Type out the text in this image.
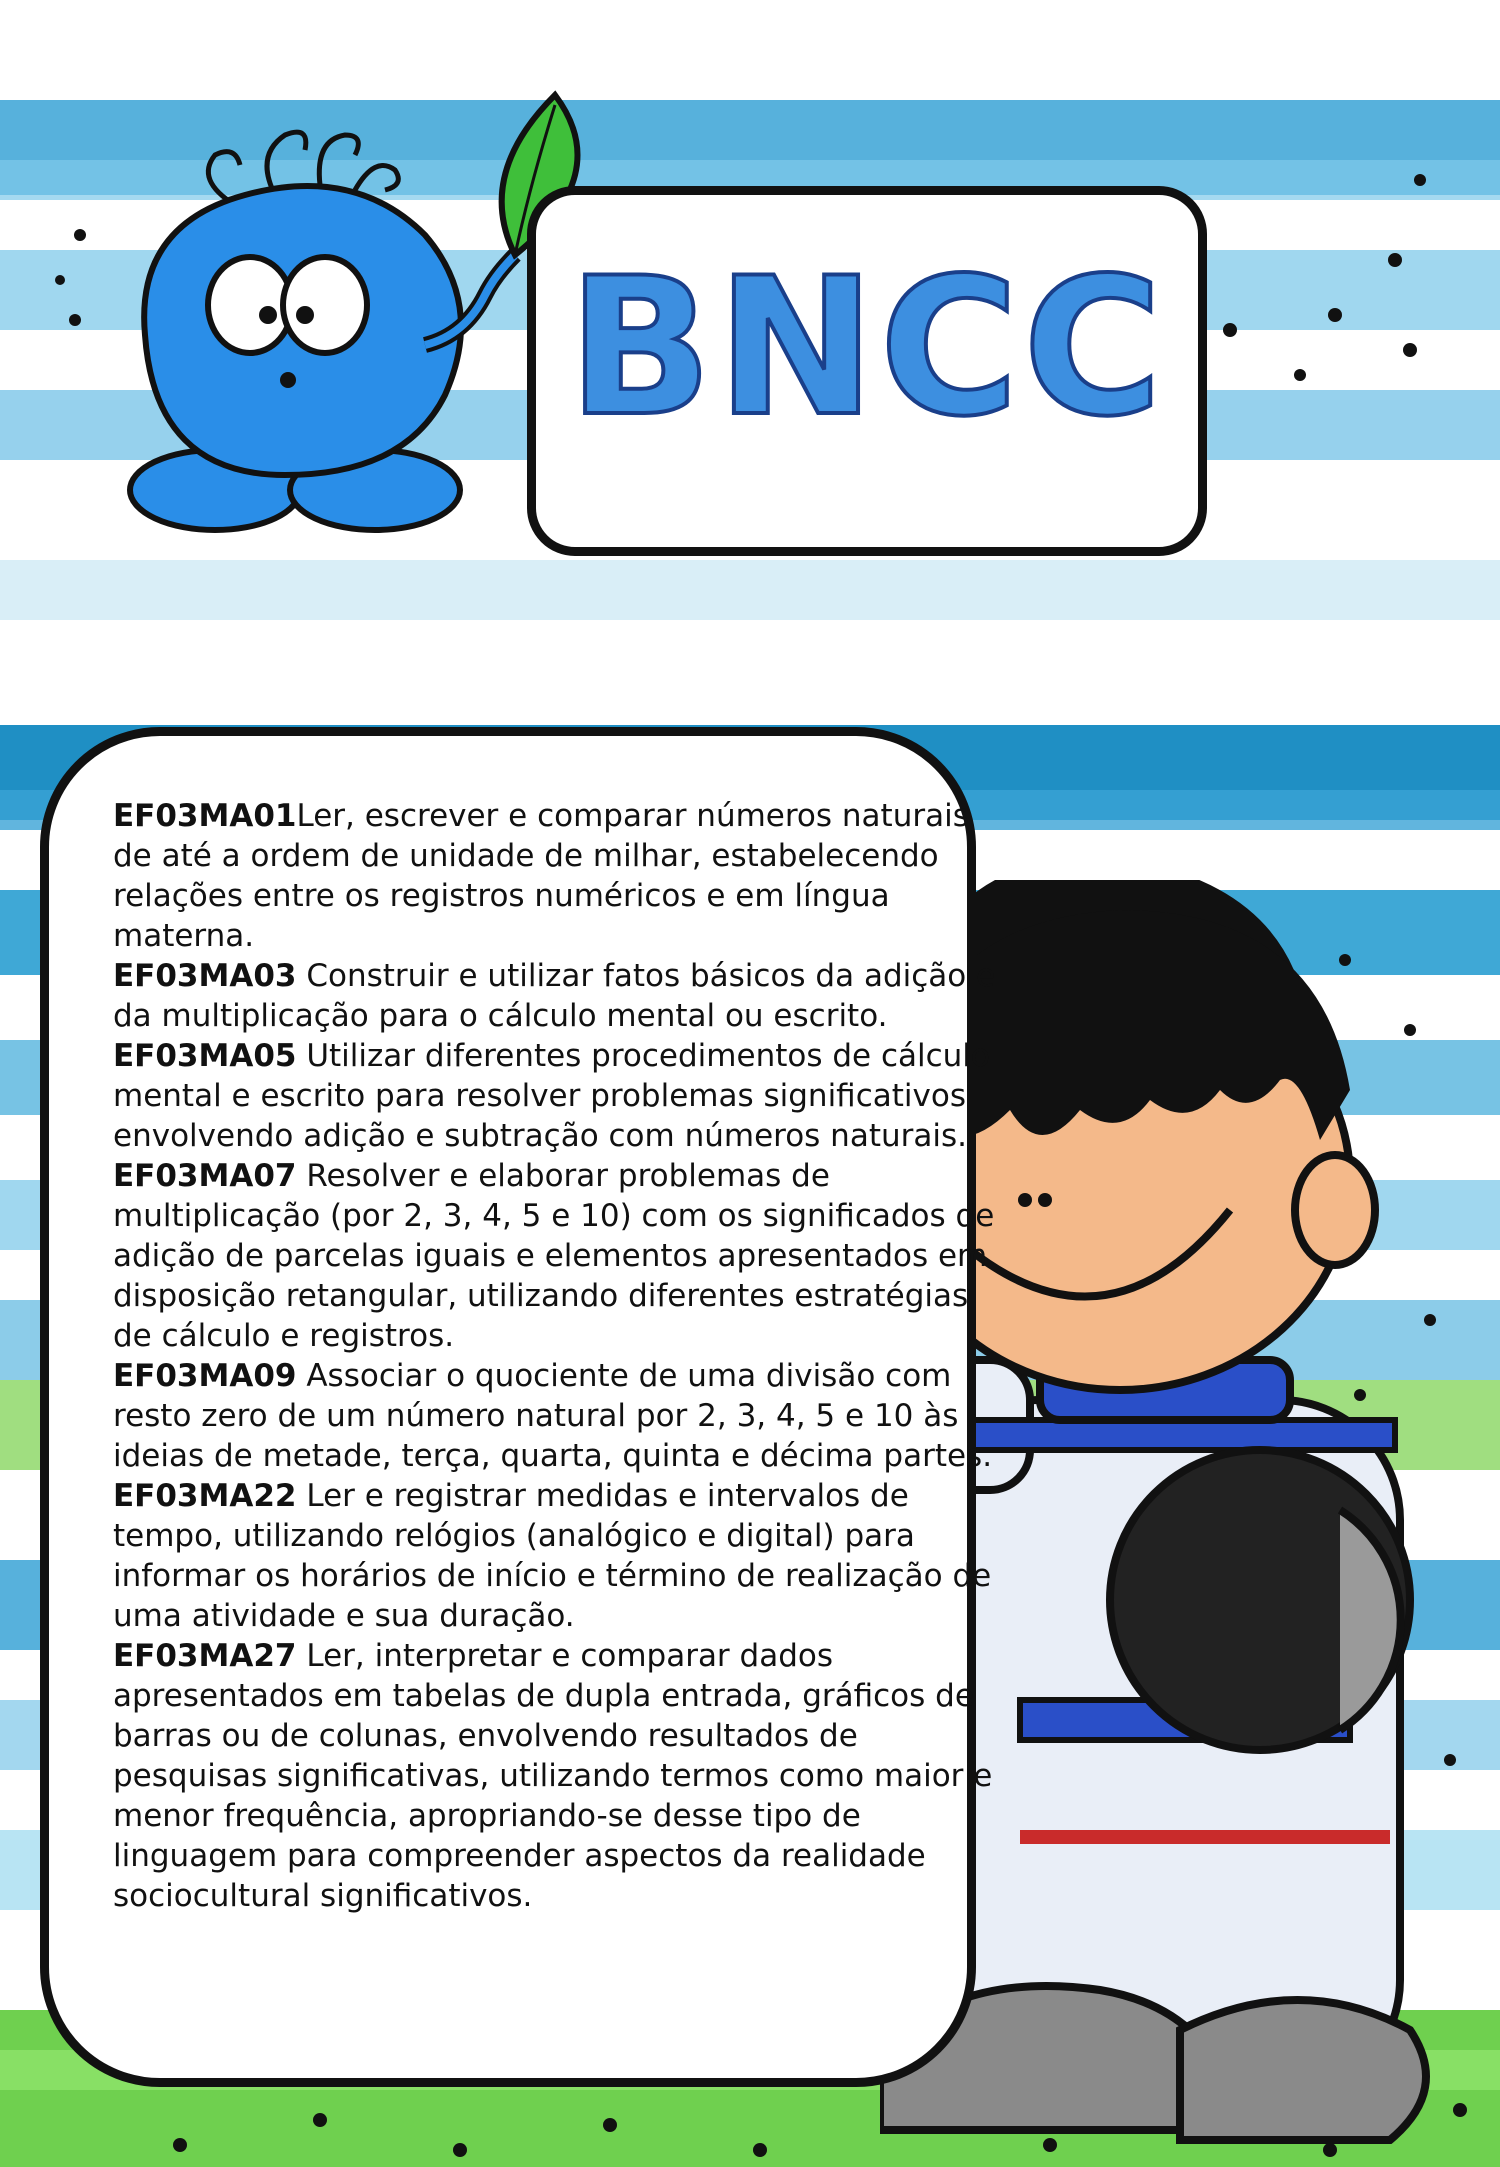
BNCC

EF03MA01Ler, escrever e comparar números naturais de até a ordem de unidade de milhar, estabelecendo relações entre os registros numéricos e em língua materna.

EF03MA03 Construir e utilizar fatos básicos da adição e da multiplicação para o cálculo mental ou escrito.

EF03MA05 Utilizar diferentes procedimentos de cálculo mental e escrito para resolver problemas significativos envolvendo adição e subtração com números naturais.

EF03MA07 Resolver e elaborar problemas de multiplicação (por 2, 3, 4, 5 e 10) com os significados de adição de parcelas iguais e elementos apresentados em disposição retangular, utilizando diferentes estratégias de cálculo e registros.

EF03MA09 Associar o quociente de uma divisão com resto zero de um número natural por 2, 3, 4, 5 e 10 às ideias de metade, terça, quarta, quinta e décima partes.

EF03MA22 Ler e registrar medidas e intervalos de tempo, utilizando relógios (analógico e digital) para informar os horários de início e término de realização de uma atividade e sua duração.

EF03MA27 Ler, interpretar e comparar dados apresentados em tabelas de dupla entrada, gráficos de barras ou de colunas, envolvendo resultados de pesquisas significativas, utilizando termos como maior e menor frequência, apropriando-se desse tipo de linguagem para compreender aspectos da realidade sociocultural significativos.
